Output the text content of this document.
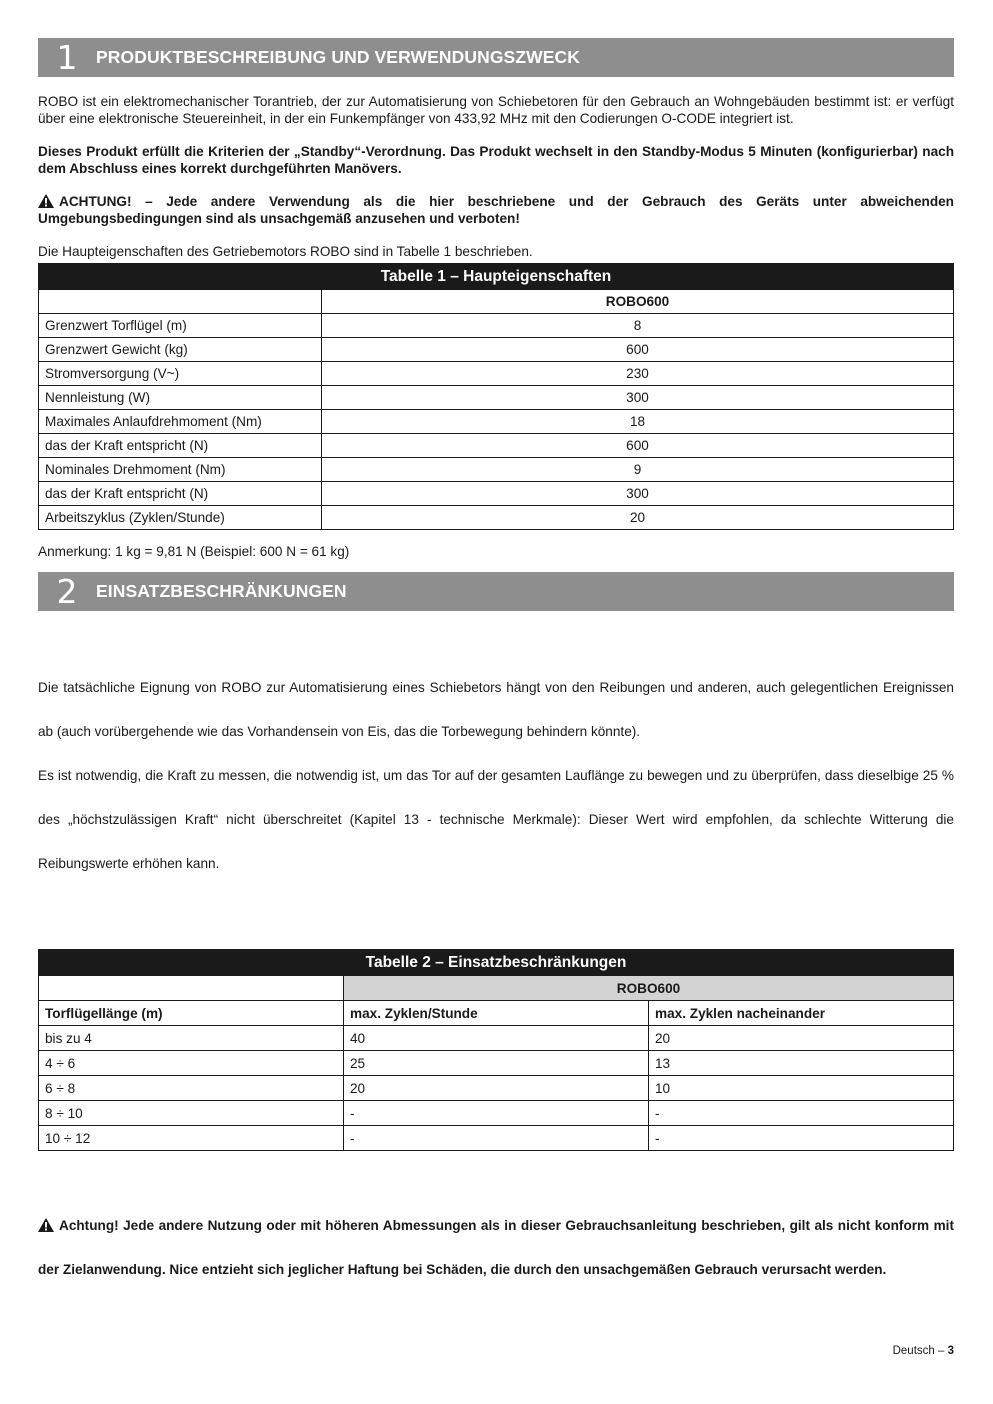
1	PRODUKTBESCHREIBUNG UND VERWENDUNGSZWECK
ROBO ist ein elektromechanischer Torantrieb, der zur Automatisierung von Schiebetoren für den Gebrauch an Wohngebäuden bestimmt ist: er verfügt über eine elektronische Steuereinheit, in der ein Funkempfänger von 433,92 MHz mit den Codierungen O-CODE integriert ist.
Dieses Produkt erfüllt die Kriterien der „Standby“-Verordnung. Das Produkt wechselt in den Standby-Modus 5 Minuten (konfigurierbar) nach dem Abschluss eines korrekt durchgeführten Manövers.
ACHTUNG! – Jede andere Verwendung als die hier beschriebene und der Gebrauch des Geräts unter abweichenden Umgebungsbedingungen sind als unsachgemäß anzusehen und verboten!
Die Haupteigenschaften des Getriebemotors ROBO sind in Tabelle 1 beschrieben.
Tabelle 1 – Haupteigenschaften	
	ROBO600
Grenzwert Torflügel (m)	8
Grenzwert Gewicht (kg)	600
Stromversorgung (V~)	230
Nennleistung (W)	300
Maximales Anlaufdrehmoment (Nm)	18
das der Kraft entspricht (N)	600
Nominales Drehmoment (Nm)	9
das der Kraft entspricht (N)	300
Arbeitszyklus (Zyklen/Stunde)	20
Anmerkung: 1 kg = 9,81 N (Beispiel: 600 N = 61 kg)
2	EINSATZBESCHRÄNKUNGEN
Die tatsächliche Eignung von ROBO zur Automatisierung eines Schiebetors hängt von den Reibungen und anderen, auch gelegentlichen Ereignissen ab (auch vorübergehende wie das Vorhandensein von Eis, das die Torbewegung behindern könnte).
Es ist notwendig, die Kraft zu messen, die notwendig ist, um das Tor auf der gesamten Lauflänge zu bewegen und zu überprüfen, dass dieselbige 25 % des „höchstzulässigen Kraft“ nicht überschreitet (Kapitel 13 - technische Merkmale): Dieser Wert wird empfohlen, da schlechte Witterung die Reibungswerte erhöhen kann.
Tabelle 2 – Einsatzbeschränkungen		
	ROBO600	
Torflügellänge (m)	max. Zyklen/Stunde	max. Zyklen nacheinander
bis zu 4	40	20
4 ÷ 6	25	13
6 ÷ 8	20	10
8 ÷ 10	-	-
10 ÷ 12	-	-
Achtung! Jede andere Nutzung oder mit höheren Abmessungen als in dieser Gebrauchsanleitung beschrieben, gilt als nicht konform mit der Zielanwendung. Nice entzieht sich jeglicher Haftung bei Schäden, die durch den unsachgemäßen Gebrauch verursacht werden.
Deutsch – 3
